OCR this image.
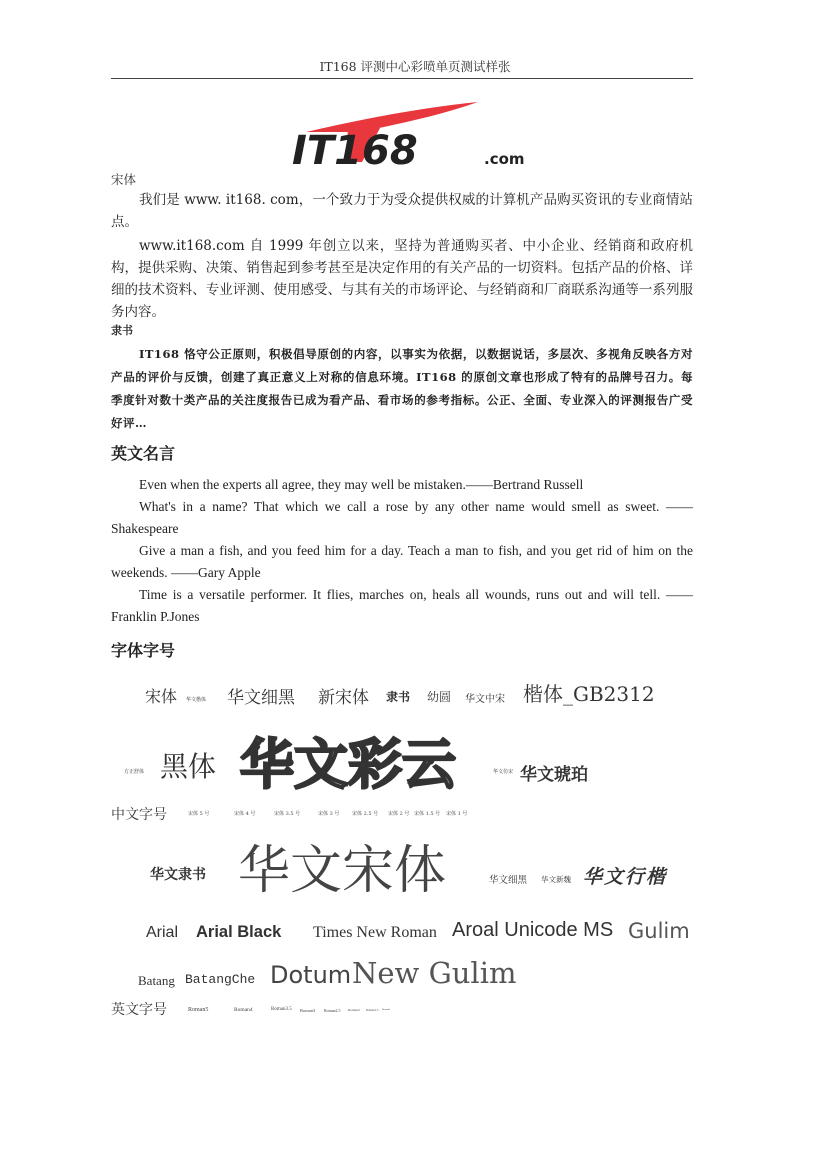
IT168 评测中心彩喷单页测试样张
IT168	.com
宋体

我们是 www. it168. com，一个致力于为受众提供权威的计算机产品购买资讯的专业商情站点。

www.it168.com 自 1999 年创立以来，坚持为普通购买者、中小企业、经销商和政府机构，提供采购、决策、销售起到参考甚至是决定作用的有关产品的一切资料。包括产品的价格、详细的技术资料、专业评测、使用感受、与其有关的市场评论、与经销商和厂商联系沟通等一系列服务内容。

隶书

IT168 恪守公正原则，积极倡导原创的内容，以事实为依据，以数据说话，多层次、多视角反映各方对产品的评价与反馈，创建了真正意义上对称的信息环境。IT168 的原创文章也形成了特有的品牌号召力。每季度针对数十类产品的关注度报告已成为看产品、看市场的参考指标。公正、全面、专业深入的评测报告广受好评…

英文名言

Even when the experts all agree, they may well be mistaken.——Bertrand Russell

What's in a name? That which we call a rose by any other name would smell as sweet. ——Shakespeare

Give a man a fish, and you feed him for a day. Teach a man to fish, and you get rid of him on the weekends. ——Gary Apple

Time is a versatile performer. It flies, marches on, heals all wounds, runs out and will tell. ——Franklin P.Jones

字体字号
宋体 华文楷体 华文细黑 新宋体 隶书 幼圆 华文中宋 楷体_GB2312
方正舒体 黑体 华文彩云	华文仿宋 华文琥珀
中文字号	宋体 5 号	宋体 4 号	宋体 3.5 号	宋体 3 号	宋体 2.5 号 宋体 2 号 宋体 1.5 号 宋体 1 号
华文隶书 华文宋体	华文细黑 华文新魏 华文行楷
Arial Arial Black Times New Roman Aroal Unicode MS Gulim
Batang BatangChe Dotum New Gulim
英文字号	Roman5	Roman4	Roman3.5 Roman3 Roman2.5 Roman2 Roman1.5 Roman1
